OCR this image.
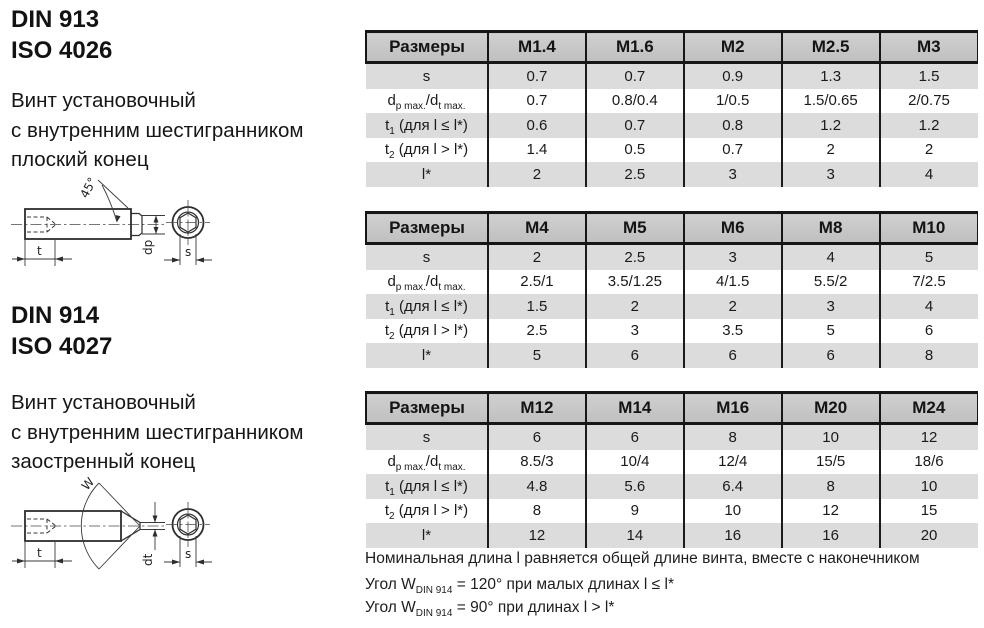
DIN 913
ISO 4026
Винт установочный
с внутренним шестигранником
плоский конец
45°
dp
t	s
DIN 914
ISO 4027
Винт установочный
с внутренним шестигранником
заостренный конец
W
dt
t	s
Размеры	M1.4	M1.6	M2	M2.5	M3
s	0.7	0.7	0.9	1.3	1.5
$d_{p max.}/d_{t max.}$	0.7	0.8/0.4	1/0.5	1.5/0.65	2/0.75
$t_1$ (для l ≤ l*)	0.6	0.7	0.8	1.2	1.2
$t_2$ (для l > l*)	1.4	0.5	0.7	2	2
l*	2	2.5	3	3	4
Размеры	M4	M5	M6	M8	M10
s	2	2.5	3	4	5
$d_{p max.}/d_{t max.}$	2.5/1	3.5/1.25	4/1.5	5.5/2	7/2.5
$t_1$ (для l ≤ l*)	1.5	2	2	3	4
$t_2$ (для l > l*)	2.5	3	3.5	5	6
l*	5	6	6	6	8
Размеры	M12	M14	M16	M20	M24
s	6	6	8	10	12
$d_{p max.}/d_{t max.}$	8.5/3	10/4	12/4	15/5	18/6
$t_1$ (для l ≤ l*)	4.8	5.6	6.4	8	10
$t_2$ (для l > l*)	8	9	10	12	15
l*	12	14	16	16	20
Номинальная длина l равняется общей длине винта, вместе с наконечником
Угол $W_{DIN 914} = 120^\circ$ при малых длинах l ≤ l*
Угол $W_{DIN 914} = 90^\circ$ при длинах l > l*
